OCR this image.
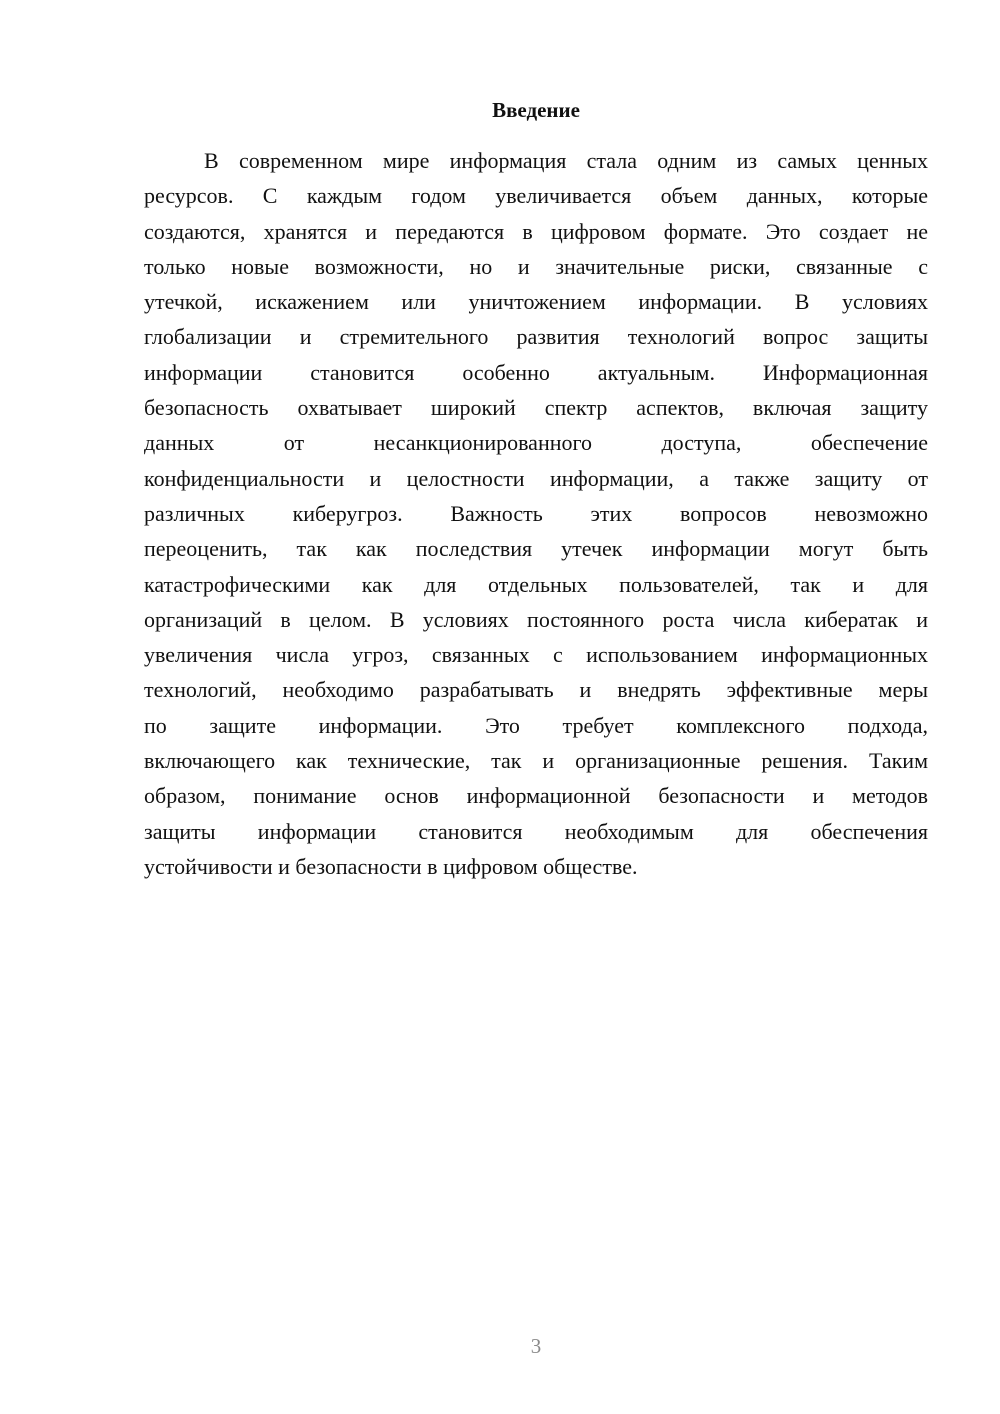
Введение

В современном мире информация стала одним из самых ценных
ресурсов. С каждым годом увеличивается объем данных, которые
создаются, хранятся и передаются в цифровом формате. Это создает не
только новые возможности, но и значительные риски, связанные с
утечкой, искажением или уничтожением информации. В условиях
глобализации и стремительного развития технологий вопрос защиты
информации становится особенно актуальным. Информационная
безопасность охватывает широкий спектр аспектов, включая защиту
данных от несанкционированного доступа, обеспечение
конфиденциальности и целостности информации, а также защиту от
различных киберугроз. Важность этих вопросов невозможно
переоценить, так как последствия утечек информации могут быть
катастрофическими как для отдельных пользователей, так и для
организаций в целом. В условиях постоянного роста числа кибератак и
увеличения числа угроз, связанных с использованием информационных
технологий, необходимо разрабатывать и внедрять эффективные меры
по защите информации. Это требует комплексного подхода,
включающего как технические, так и организационные решения. Таким
образом, понимание основ информационной безопасности и методов
защиты информации становится необходимым для обеспечения
устойчивости и безопасности в цифровом обществе.

3
